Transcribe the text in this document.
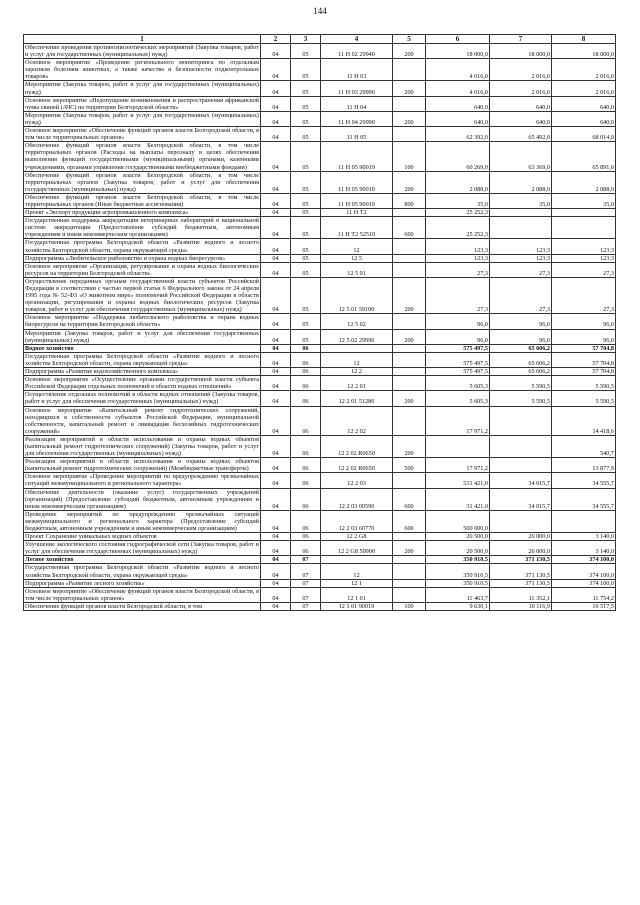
144
1	2	3	4	5	6	7	8
Обеспечение проведения противоэпизоотических мероприятий (Закупка товаров, работ и услуг для государственных (муниципальных) нужд)	04	05	11 Н 02 29940	200	18 000,0	18 000,0	18 000,0
Основное мероприятие «Проведение регионального мониторинга по отдельным заразным болезням животных, а также качества и безопасности подконтрольных товаров»	04	05	11 Н 03		4 016,0	2 016,0	2 016,0
Мероприятия (Закупка товаров, работ и услуг для государственных (муниципальных) нужд)	04	05	11 Н 03 29990	200	4 016,0	2 016,0	2 016,0
Основное мероприятие «Недопущение возникновения и распространения африканской чумы свиней (АЧС) на территории Белгородской области»	04	05	11 Н 04		640,0	640,0	640,0
Мероприятия (Закупка товаров, работ и услуг для государственных (муниципальных) нужд)	04	05	11 Н 04 29990	200	640,0	640,0	640,0
Основное мероприятие «Обеспечение функций органов власти Белгородской области, в том числе территориальных органов»	04	05	11 Н 05		62 392,0	65 492,0	68 014,0
Обеспечение функций органов власти Белгородской области, в том числе территориальных органов (Расходы на выплаты персоналу в целях обеспечения выполнения функций государственными (муниципальными) органами, казенными учреждениями, органами управления государственными внебюджетными фондами)	04	05	11 Н 05 90019	100	60 269,0	63 369,0	65 891,0
Обеспечение функций органов власти Белгородской области, в том числе территориальных органов (Закупка товаров, работ и услуг для обеспечения государственных (муниципальных) нужд)	04	05	11 Н 05 90019	200	2 088,0	2 088,0	2 088,0
Обеспечение функций органов власти Белгородской области, в том числе территориальных органов (Иные бюджетные ассигнования)	04	05	11 Н 05 90019	800	35,0	35,0	35,0
Проект «Экспорт продукции агропромышленного комплекса»	04	05	11 Н Т2		25 252,3		
Государственная поддержка аккредитации ветеринарных лабораторий в национальной системе аккредитации (Предоставление субсидий бюджетным, автономным учреждениям и иным некоммерческим организациям)	04	05	11 Н Т2 52510	600	25 252,3		
Государственная программа Белгородской области «Развитие водного и лесного хозяйства Белгородской области, охрана окружающей среды»	04	05	12		123,3	123,3	123,3
Подпрограмма «Любительское рыболовство и охрана водных биоресурсов»	04	05	12 5		123,3	123,3	123,3
Основное мероприятие «Организация, регулирование и охрана водных биологических ресурсов на территории Белгородской области»	04	05	12 5 01		27,3	27,3	27,3
Осуществление переданных органам государственной власти субъектов Российской Федерации в соответствии с частью первой статьи 6 Федерального закона от 24 апреля 1995 года № 52-ФЗ «О животном мире» полномочий Российской Федерации в области организации, регулирования и охраны водных биологических ресурсов (Закупка товаров, работ и услуг для обеспечения государственных (муниципальных) нужд)	04	05	12 5 01 59100	200	27,3	27,3	27,3
Основное мероприятие «Поддержка любительского рыболовства и охрана водных биоресурсов на территории Белгородской области»	04	05	12 5 02		96,0	96,0	96,0
Мероприятия (Закупка товаров, работ и услуг для обеспечения государственных (муниципальных) нужд)	04	05	12 5 02 29990	200	96,0	96,0	96,0
Водное хозяйство	04	06			575 497,5	65 606,2	57 704,8
Государственная программа Белгородской области «Развитие водного и лесного хозяйства Белгородской области, охрана окружающей среды»	04	06	12		575 497,5	65 606,2	57 704,8
Подпрограмма «Развитие водохозяйственного комплекса»	04	06	12 2		575 497,5	65 606,2	57 704,8
Основное мероприятие «Осуществление органами государственной власти субъекта Российской Федерации отдельных полномочий в области водных отношений»	04	06	12 2 01		5 605,3	5 590,5	5 590,5
Осуществление отдельных полномочий в области водных отношений (Закупка товаров, работ и услуг для обеспечения государственных (муниципальных) нужд)	04	06	12 2 01 51280	200	5 605,3	5 590,5	5 590,5
Основное мероприятие «Капитальный ремонт гидротехнических сооружений, находящихся в собственности субъектов Российской Федерации, муниципальной собственности, капитальный ремонт и ликвидация бесхозяйных гидротехнических сооружений»	04	06	12 2 02		17 971,2		14 418,6
Реализация мероприятий в области использования и охраны водных объектов (капитальный ремонт гидротехнических сооружений) (Закупка товаров, работ и услуг для обеспечения государственных (муниципальных) нужд)	04	06	12 2 02 R0650	200			540,7
Реализация мероприятий в области использования и охраны водных объектов (капитальный ремонт гидротехнических сооружений) (Межбюджетные трансферты)	04	06	12 2 02 R0650	500	17 971,2		13 877,9
Основное мероприятие «Проведение мероприятий по предупреждению чрезвычайных ситуаций межмуниципального и регионального характера»	04	06	12 2 03		531 421,0	34 015,7	34 555,7
Обеспечение деятельности (оказание услуг) государственных учреждений (организаций) (Предоставление субсидий бюджетным, автономным учреждениям и иным некоммерческим организациям)	04	06	12 2 03 00590	600	31 421,0	34 015,7	34 555,7
Проведение мероприятий по предупреждению чрезвычайных ситуаций межмуниципального и регионального характера (Предоставление субсидий бюджетным, автономным учреждениям и иным некоммерческим организациям)	04	06	12 2 03 60770	600	500 000,0		
Проект Сохранение уникальных водных объектов	04	06	12 2 G8		20 500,0	26 000,0	3 140,0
Улучшение экологического состояния гидрографической сети (Закупка товаров, работ и услуг для обеспечения государственных (муниципальных) нужд)	04	06	12 2 G8 50900	200	20 500,0	26 000,0	3 140,0
Лесное хозяйство	04	07			350 910,5	371 130,5	374 100,0
Государственная программа Белгородской области «Развитие водного и лесного хозяйства Белгородской области, охрана окружающей среды»	04	07	12		350 910,5	371 130,5	374 100,0
Подпрограмма «Развитие лесного хозяйства»	04	07	12 1		350 910,5	371 130,5	374 100,0
Основное мероприятие «Обеспечение функций органов власти Белгородской области, в том числе территориальных органов»	04	07	12 1 01		11 463,7	11 352,1	11 754,2
Обеспечение функций органов власти Белгородской области, в том	04	07	12 1 01 90019	100	9 630,1	10 116,9	10 517,5
